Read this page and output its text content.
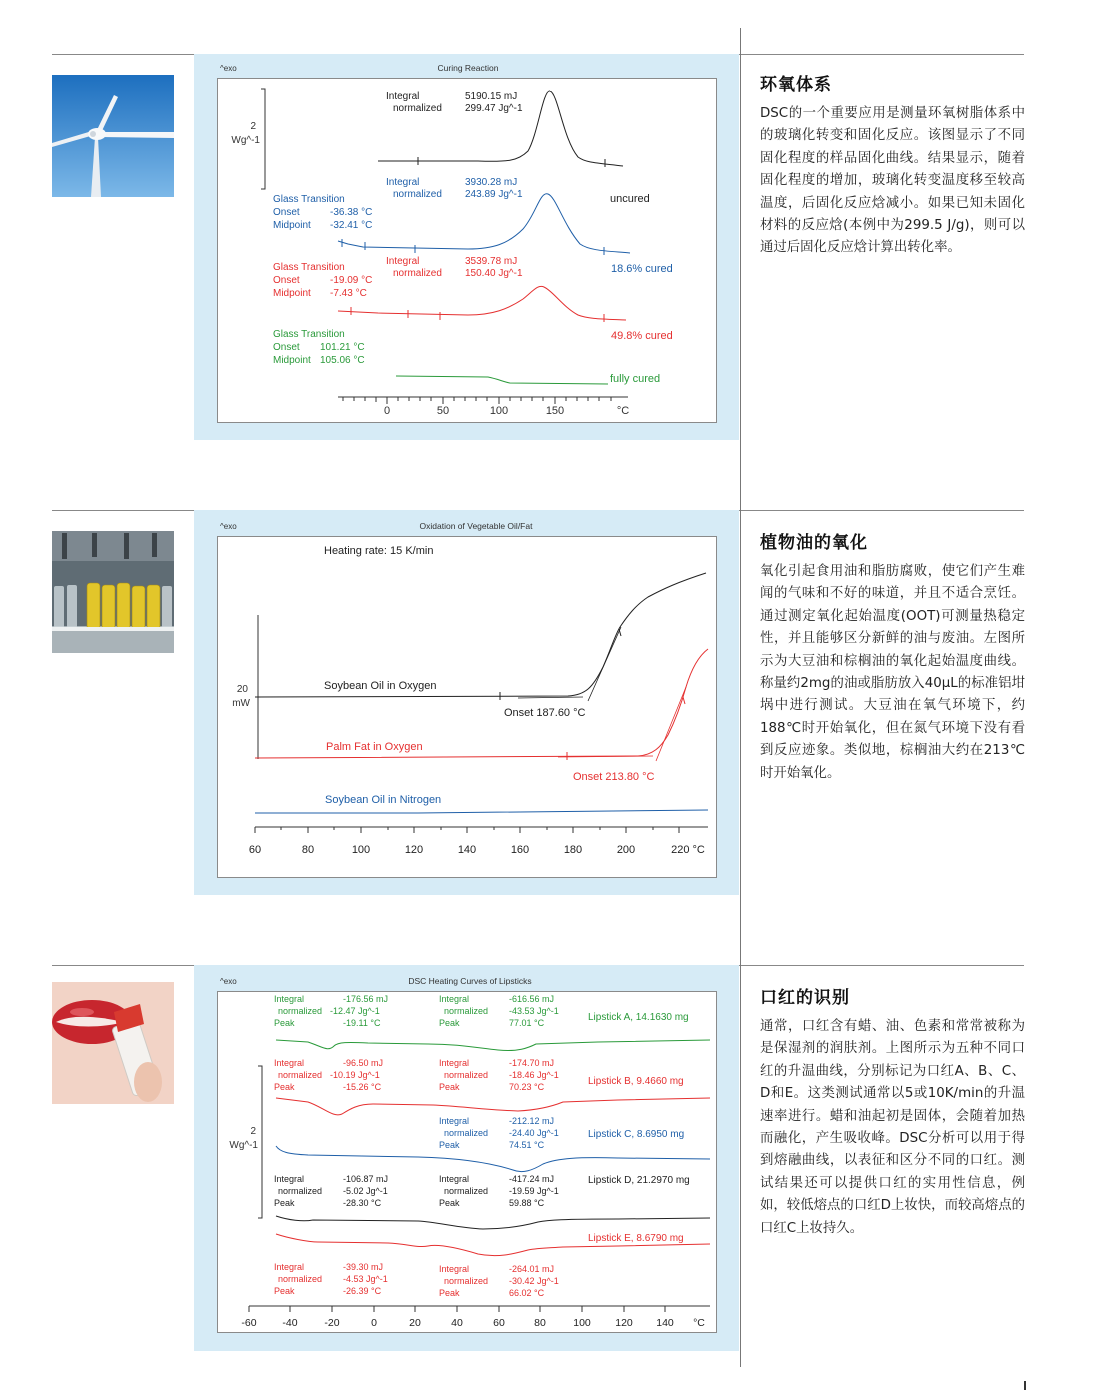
^exo	Curing Reaction
2
Wg^-1
Integral	5190.15 mJ
normalized 299.47 Jg^-1
uncured
Integral	3930.28 mJ
normalized 243.89 Jg^-1
Glass Transition
Onset	-36.38 °C
Midpoint -32.41 °C
18.6% cured
Integral	3539.78 mJ
normalized 150.40 Jg^-1
Glass Transition
Onset	-19.09 °C
Midpoint -7.43 °C
49.8% cured
Glass Transition
Onset 101.21 °C
Midpoint 105.06 °C
fully cured
0	50	100	150	°C
环氧体系

DSC的一个重要应用是测量环氧树脂体系中的玻璃化转变和固化反应。该图显示了不同固化程度的样品固化曲线。结果显示，随着固化程度的增加，玻璃化转变温度移至较高温度，后固化反应焓减小。如果已知未固化材料的反应焓(本例中为299.5 J/g)，则可以通过后固化反应焓计算出转化率。

^exo	Oxidation of Vegetable Oil/Fat
Heating rate: 15 K/min
20
mW
Soybean Oil in Oxygen
Onset 187.60 °C
Palm Fat in Oxygen
Onset 213.80 °C
Soybean Oil in Nitrogen
60	80	100	120	140	160	180	200	220 °C
植物油的氧化

氧化引起食用油和脂肪腐败，使它们产生难闻的气味和不好的味道，并且不适合烹饪。通过测定氧化起始温度(OOT)可测量热稳定性，并且能够区分新鲜的油与废油。左图所示为大豆油和棕榈油的氧化起始温度曲线。称量约2mg的油或脂肪放入40μL的标准铝坩埚中进行测试。大豆油在氧气环境下，约188℃时开始氧化，但在氮气环境下没有看到反应迹象。类似地，棕榈油大约在213℃时开始氧化。

^exo	DSC Heating Curves of Lipsticks
2
Wg^-1
Integral	-176.56 mJ
normalized -12.47 Jg^-1
Peak	-19.11 °C
Integral	-616.56 mJ
normalized -43.53 Jg^-1
Peak	77.01 °C	Lipstick A, 14.1630 mg
Integral	-96.50 mJ
normalized -10.19 Jg^-1
Peak	-15.26 °C
Integral	-174.70 mJ
normalized -18.46 Jg^-1
Peak	70.23 °C	Lipstick B, 9.4660 mg
Integral	-212.12 mJ
normalized -24.40 Jg^-1
Peak	74.51 °C
Lipstick C, 8.6950 mg
Integral	-106.87 mJ
normalized -5.02 Jg^-1
Peak	-28.30 °C
Integral	-417.24 mJ
normalized -19.59 Jg^-1
Peak	59.88 °C
Lipstick D, 21.2970 mg
Integral	-39.30 mJ
normalized -4.53 Jg^-1
Peak	-26.39 °C
Integral	-264.01 mJ
normalized -30.42 Jg^-1
Peak	66.02 °C
Lipstick E, 8.6790 mg
-60 -40	-20	0	20	40	60	80	100 120 140 °C
口红的识别

通常，口红含有蜡、油、色素和常常被称为是保湿剂的润肤剂。上图所示为五种不同口红的升温曲线，分别标记为口红A、B、C、D和E。这类测试通常以5或10K/min的升温速率进行。蜡和油起初是固体，会随着加热而融化，产生吸收峰。DSC分析可以用于得到熔融曲线，以表征和区分不同的口红。测试结果还可以提供口红的实用性信息，例如，较低熔点的口红D上妆快，而较高熔点的口红C上妆持久。
